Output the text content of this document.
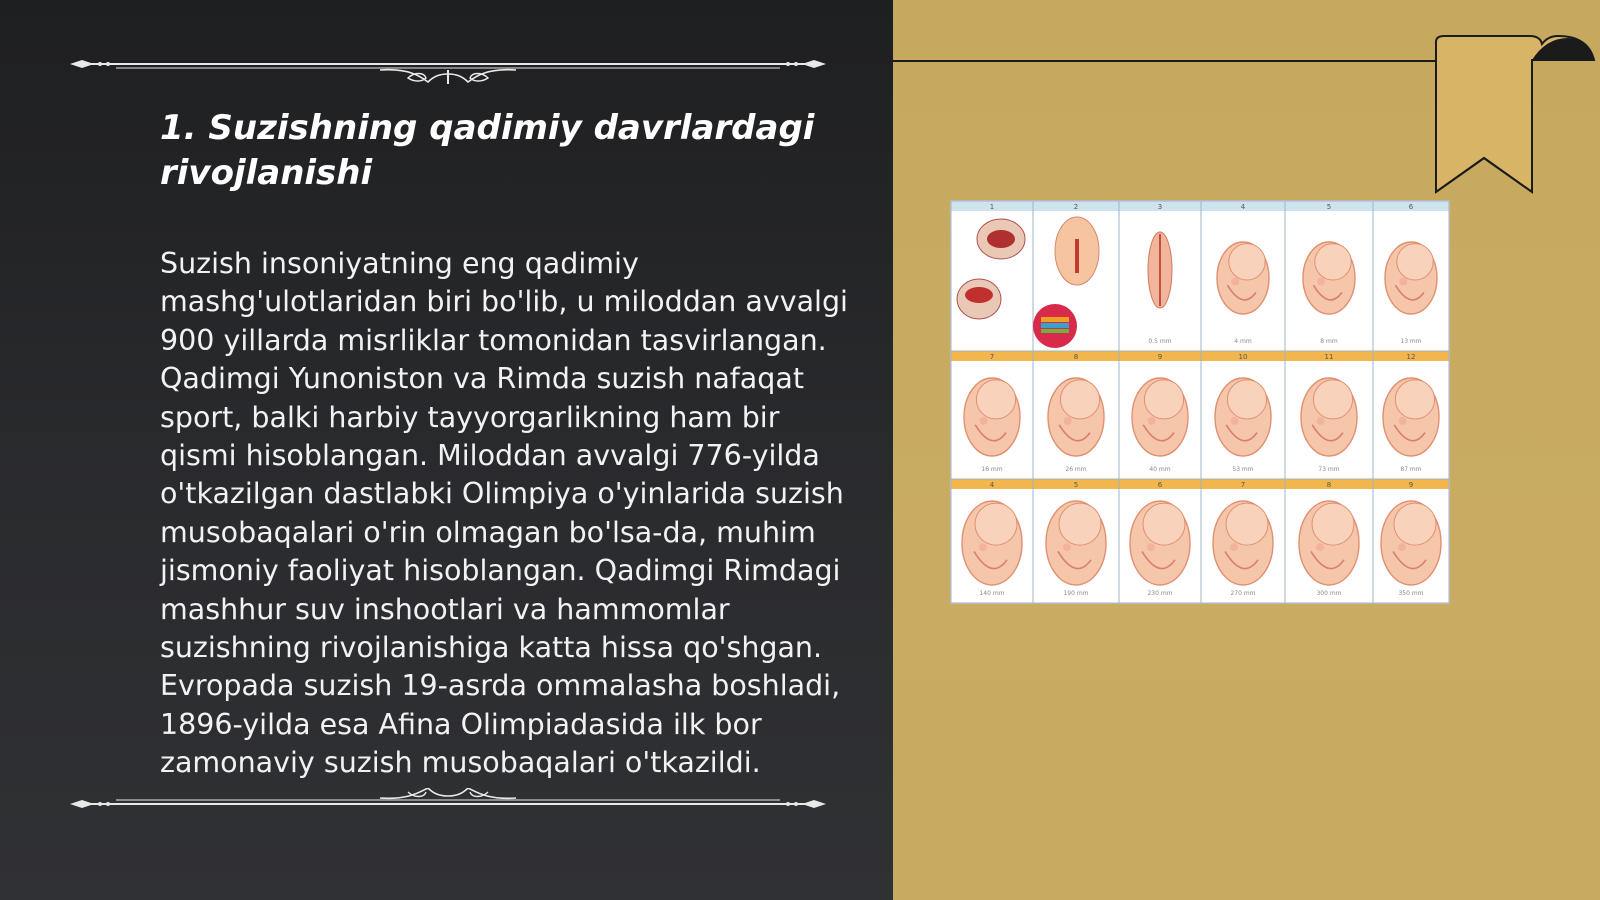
1. Suzishning qadimiy davrlardagi rivojlanishi

Suzish insoniyatning eng qadimiy mashg'ulotlaridan biri bo'lib, u miloddan avvalgi 900 yillarda misrliklar tomonidan tasvirlangan. Qadimgi Yunoniston va Rimda suzish nafaqat sport, balki harbiy tayyorgarlikning ham bir qismi hisoblangan. Miloddan avvalgi 776-yilda o'tkazilgan dastlabki Olimpiya o'yinlarida suzish musobaqalari o'rin olmagan bo'lsa-da, muhim jismoniy faoliyat hisoblangan. Qadimgi Rimdagi mashhur suv inshootlari va hammomlar suzishning rivojlanishiga katta hissa qo'shgan. Evropada suzish 19-asrda ommalasha boshladi, 1896-yilda esa Afina Olimpiadasida ilk bor zamonaviy suzish musobaqalari o'tkazildi.

1	2	3
0.5 mm
4
4 mm
5
8 mm
6
13 mm
7
16 mm
8
26 mm
9
40 mm
10
53 mm
11
73 mm
12
87 mm
4
140 mm
5
190 mm
6
230 mm
7
270 mm
8
300 mm
9
350 mm
